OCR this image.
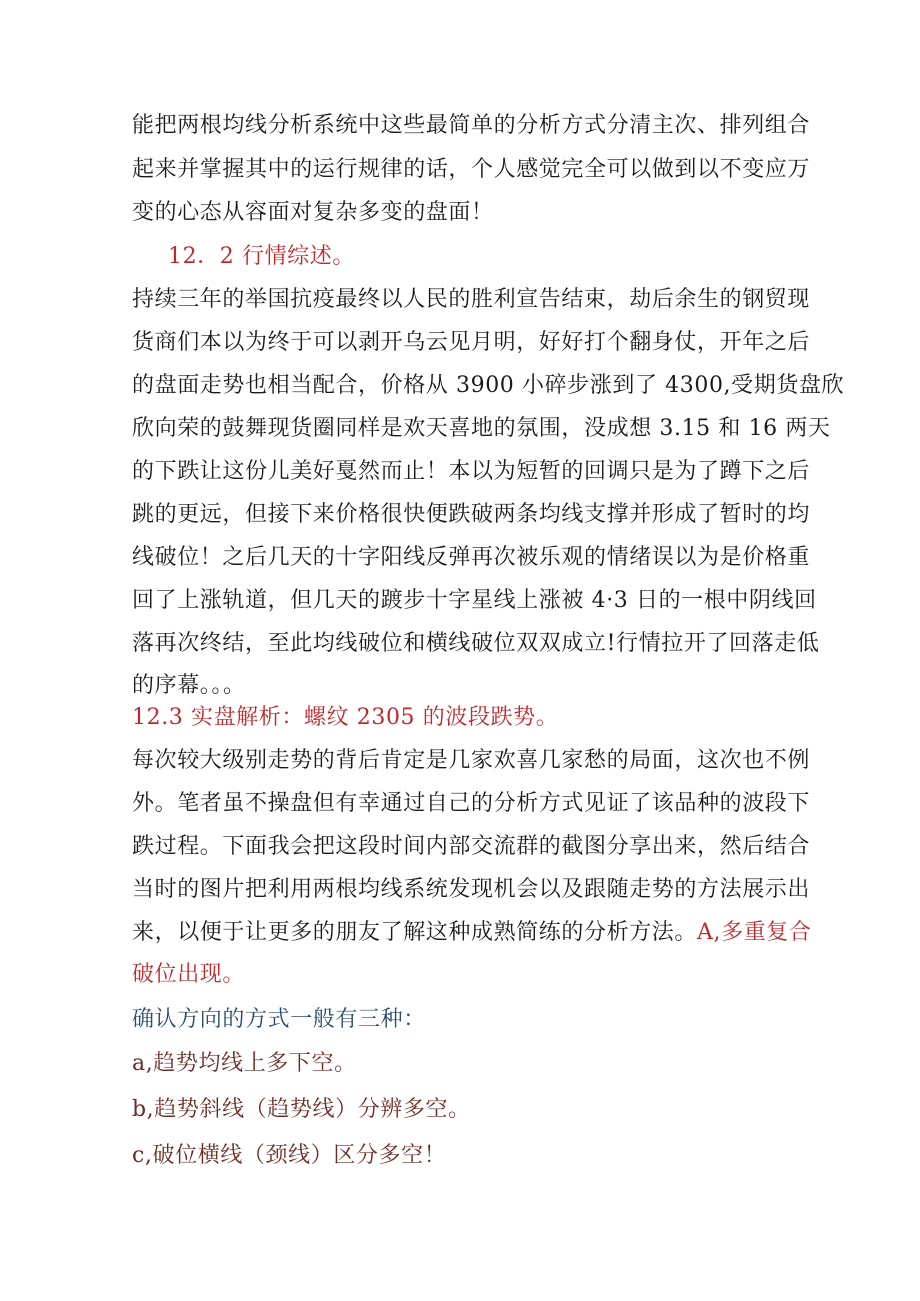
能把两根均线分析系统中这些最简单的分析方式分清主次、排列组合
起来并掌握其中的运行规律的话，个人感觉完全可以做到以不变应万
变的心态从容面对复杂多变的盘面！
12．2 行情综述。
持续三年的举国抗疫最终以人民的胜利宣告结束，劫后余生的钢贸现
货商们本以为终于可以剥开乌云见月明，好好打个翻身仗，开年之后
的盘面走势也相当配合，价格从 3900 小碎步涨到了 4300,受期货盘欣
欣向荣的鼓舞现货圈同样是欢天喜地的氛围，没成想 3.15 和 16 两天
的下跌让这份儿美好戛然而止！本以为短暂的回调只是为了蹲下之后
跳的更远，但接下来价格很快便跌破两条均线支撑并形成了暂时的均
线破位！之后几天的十字阳线反弹再次被乐观的情绪误以为是价格重
回了上涨轨道，但几天的踱步十字星线上涨被 4·3 日的一根中阴线回
落再次终结，至此均线破位和横线破位双双成立!行情拉开了回落走低
的序幕。。。
12.3 实盘解析：螺纹 2305 的波段跌势。
每次较大级别走势的背后肯定是几家欢喜几家愁的局面，这次也不例
外。笔者虽不操盘但有幸通过自己的分析方式见证了该品种的波段下
跌过程。下面我会把这段时间内部交流群的截图分享出来，然后结合
当时的图片把利用两根均线系统发现机会以及跟随走势的方法展示出
来，以便于让更多的朋友了解这种成熟简练的分析方法。A,多重复合
破位出现。
确认方向的方式一般有三种：
a,趋势均线上多下空。
b,趋势斜线（趋势线）分辨多空。
c,破位横线（颈线）区分多空！
